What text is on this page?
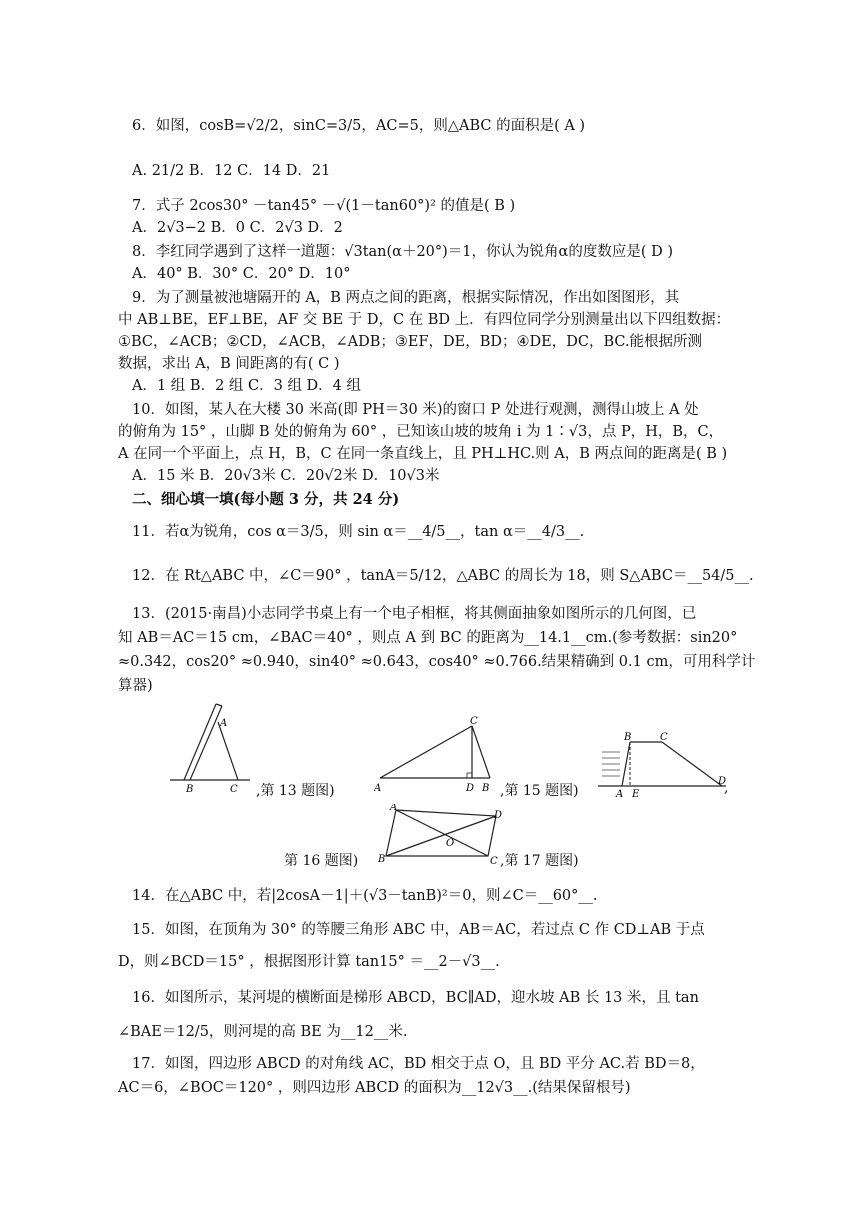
6．如图，cosB=√2/2，sinC=3/5，AC=5，则△ABC 的面积是( A )
A. 21/2 B．12 C．14 D．21
7．式子 2cos30° －tan45° －√(1－tan60°)² 的值是( B )
A．2√3−2 B．0 C．2√3 D．2
8．李红同学遇到了这样一道题：√3tan(α＋20°)＝1，你认为锐角α的度数应是( D )
A．40° B．30° C．20° D．10°
9．为了测量被池塘隔开的 A，B 两点之间的距离，根据实际情况，作出如图图形，其
中 AB⊥BE，EF⊥BE，AF 交 BE 于 D，C 在 BD 上．有四位同学分别测量出以下四组数据：
①BC，∠ACB；②CD，∠ACB，∠ADB；③EF，DE，BD；④DE，DC，BC.能根据所测
数据，求出 A，B 间距离的有( C )
A．1 组 B．2 组 C．3 组 D．4 组
10．如图，某人在大楼 30 米高(即 PH＝30 米)的窗口 P 处进行观测，测得山坡上 A 处
的俯角为 15° ，山脚 B 处的俯角为 60° ，已知该山坡的坡角 i 为 1∶√3，点 P，H，B，C，
A 在同一个平面上，点 H，B，C 在同一条直线上，且 PH⊥HC.则 A，B 两点间的距离是( B )
A．15 米 B．20√3米 C．20√2米 D．10√3米
二、细心填一填(每小题 3 分，共 24 分)
11．若α为锐角，cos α＝3/5，则 sin α＝__4/5__，tan α＝__4/3__.
12．在 Rt△ABC 中，∠C＝90° ，tanA＝5/12，△ABC 的周长为 18，则 S△ABC＝__54/5__.
13．(2015·南昌)小志同学书桌上有一个电子相框，将其侧面抽象如图所示的几何图，已
知 AB＝AC＝15 cm，∠BAC＝40° ，则点 A 到 BC 的距离为__14.1__cm.(参考数据：sin20°
≈0.342，cos20° ≈0.940，sin40° ≈0.643，cos40° ≈0.766.结果精确到 0.1 cm，可用科学计
算器)
A
B	C ,第 13 题图)
C
A	D B ,第 15 题图)
B	C
A E
D
,
A
D
B	C
O
第 16 题图)	,第 17 题图)
14．在△ABC 中，若|2cosA－1|＋(√3－tanB)²＝0，则∠C＝__60°__.
15．如图，在顶角为 30° 的等腰三角形 ABC 中，AB＝AC，若过点 C 作 CD⊥AB 于点
D，则∠BCD＝15° ，根据图形计算 tan15° ＝__2－√3__.
16．如图所示，某河堤的横断面是梯形 ABCD，BC∥AD，迎水坡 AB 长 13 米，且 tan
∠BAE＝12/5，则河堤的高 BE 为__12__米.
17．如图，四边形 ABCD 的对角线 AC，BD 相交于点 O，且 BD 平分 AC.若 BD＝8，
AC＝6，∠BOC＝120° ，则四边形 ABCD 的面积为__12√3__.(结果保留根号)
